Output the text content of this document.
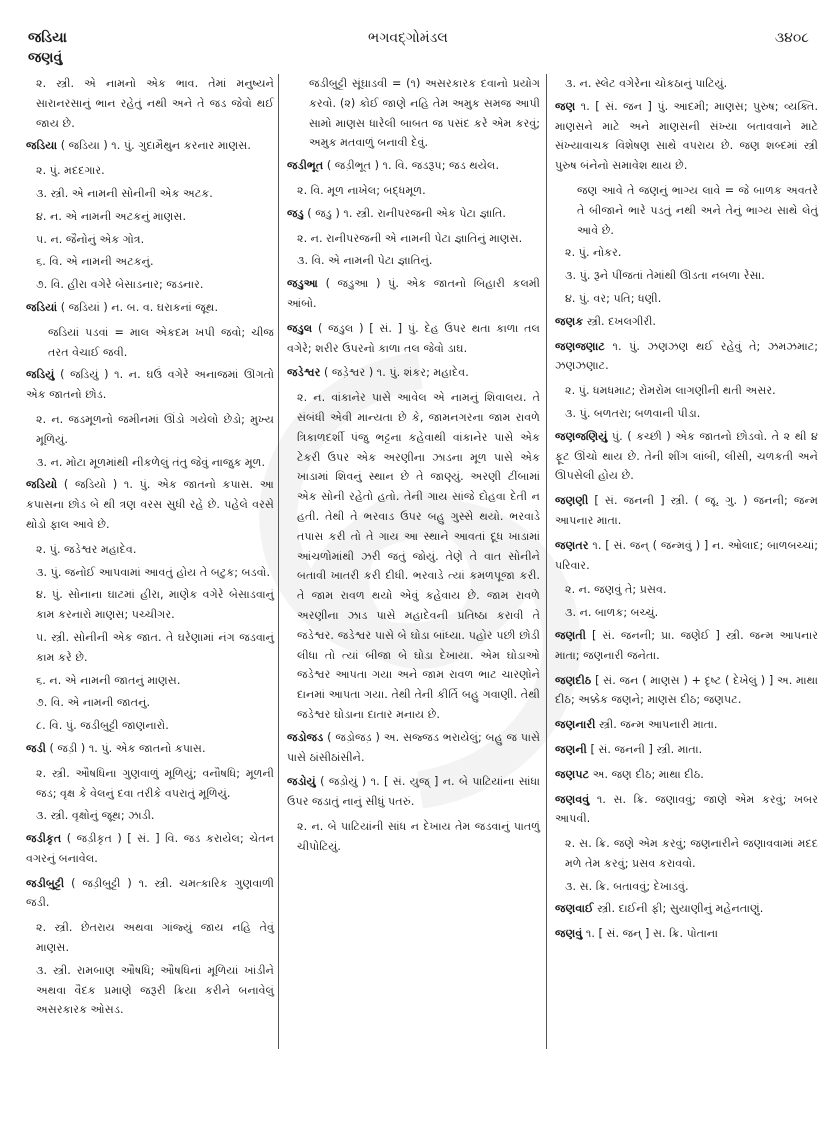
જડિયા
જણવું
ભગવદ્ગોમંડલ	૩૪૦૮
૨. સ્ત્રી. એ નામનો એક ભાવ. તેમાં મનુષ્યને સારાનરસાનું ભાન રહેતું નથી અને તે જડ જેવો થઈ જાય છે.
જડિયા ( જડિ઼યા ) ૧. પું. ગુદામૈથુન કરનાર માણસ.
૨. પું. મદદગાર.
૩. સ્ત્રી. એ નામની સોનીની એક અટક.
૪. ન. એ નામની અટકનું માણસ.
૫. ન. જૈનોનું એક ગોત્ર.
૬. વિ. એ નામની અટકનું.
૭. વિ. હીરા વગેરે બેસાડનાર; જડનાર.
જડિયાં ( જડિ઼યાં ) ન. બ. વ. ઘરાકનાં જૂથ.
જડિયાં પડવાં = માલ એકદમ ખપી જવો; ચીજ તરત વેચાઈ જવી.
જડિયું ( જડિ઼યું ) ૧. ન. ઘઉં વગેરે અનાજમાં ઊગતો એક જાતનો છોડ.
૨. ન. જડમૂળનો જમીનમાં ઊંડો ગયેલો છેડો; મુખ્ય મૂળિયું.
૩. ન. મોટા મૂળમાંથી નીકળેલું તંતુ જેવું નાજુક મૂળ.
જડિયો ( જડિ઼યો ) ૧. પું. એક જાતનો કપાસ. આ કપાસના છોડ બે થી ત્રણ વરસ સુધી રહે છે. પહેલે વરસે થોડો ફાલ આવે છે.
૨. પું. જડેશ્વર મહાદેવ.
૩. પું. જનોઈ આપવામાં આવતું હોય તે બટુક; બડવો.
૪. પું. સોનાના ઘાટમાં હીરા, માણેક વગેરે બેસાડવાનું કામ કરનારો માણસ; પચ્ચીગર.
૫. સ્ત્રી. સોનીની એક જાત. તે ઘરેણામાં નંગ જડવાનું કામ કરે છે.
૬. ન. એ નામની જાતનું માણસ.
૭. વિ. એ નામની જાતનું.
૮. વિ. પું. જડીબુટ્ટી જાણનારો.
જડી ( જડ઼ી ) ૧. પું. એક જાતનો કપાસ.
૨. સ્ત્રી. ઔષધિના ગુણવાળું મૂળિયું; વનૌષધિ; મૂળની જડ; વૃક્ષ કે વેલનું દવા તરીકે વપરાતું મૂળિયું.
૩. સ્ત્રી. વૃક્ષોનું જૂથ; ઝાડી.
જડીકૃત ( જડ઼ીકૃત ) [ સં. ] વિ. જડ કરાયેલ; ચેતન વગરનું બનાવેલ.
જડીબુટ્ટી ( જડ઼ીબુટ્ટી ) ૧. સ્ત્રી. ચમત્કારિક ગુણવાળી જડી.
૨. સ્ત્રી. છેતરાય અથવા ગાંજ્યું જાય નહિ તેવું માણસ.
૩. સ્ત્રી. રામબાણ ઔષધિ; ઔષધિનાં મૂળિયાં ખાંડીને અથવા વૈદક પ્રમાણે જરૂરી ક્રિયા કરીને બનાવેલું અસરકારક ઓસડ.
જડીબુટ્ટી સૂંઘાડવી = (૧) અસરકારક દવાનો પ્રયોગ કરવો. (૨) કોઈ જાણે નહિ તેમ અમુક સમજ આપી સામો માણસ ધારેલી બાબત જ પસંદ કરે એમ કરવું; અમુક મતવાળું બનાવી દેવું.
જડીભૂત ( જડ઼ીભૂત ) ૧. વિ. જડરૂપ; જડ થયેલ.
૨. વિ. મૂળ નાખેલ; બદ્ધમૂળ.
જડુ ( જડ઼ુ ) ૧. સ્ત્રી. રાનીપરજની એક પેટા જ્ઞાતિ.
૨. ન. રાનીપરજની એ નામની પેટા જ્ઞાતિનું માણસ.
૩. વિ. એ નામની પેટા જ્ઞાતિનું.
જડુઆ ( જડ઼ુઆ ) પું. એક જાતનો બિહારી કલમી આંબો.
જડુલ ( જડ઼ુલ ) [ સં. ] પું. દેહ ઉપર થતા કાળા તલ વગેરે; શરીર ઉપરનો કાળા તલ જેવો ડાઘ.
જડેશ્વર ( જડ઼ેશ્વર ) ૧. પું. શંકર; મહાદેવ.
૨. ન. વાંકાનેર પાસે આવેલ એ નામનું શિવાલય. તે સંબંધી એવી માન્યતા છે કે, જામનગરના જામ રાવળે ત્રિકાળદર્શી પંજુ ભટ્ટના કહેવાથી વાંકાનેર પાસે એક ટેકરી ઉપર એક અરણીના ઝાડના મૂળ પાસે એક ખાડામાં શિવનું સ્થાન છે તે જાણ્યું. અરણી ટીંબામાં એક સોની રહેતો હતો. તેની ગાય સાંજે દોહવા દેતી ન હતી. તેથી તે ભરવાડ ઉપર બહુ ગુસ્સે થયો. ભરવાડે તપાસ કરી તો તે ગાય આ સ્થાને આવતાં દૂધ ખાડામાં આંચળોમાંથી ઝરી જતું જોયું. તેણે તે વાત સોનીને બતાવી ખાતરી કરી દીધી. ભરવાડે ત્યાં કમળપૂજા કરી. તે જામ રાવળ થયો એવું કહેવાય છે. જામ રાવળે અરણીના ઝાડ પાસે મહાદેવની પ્રતિષ્ઠા કરાવી તે જડેશ્વર. જડેશ્વર પાસે બે ઘોડા બાંધ્યા. પહોર પછી છોડી લીધા તો ત્યાં બીજા બે ઘોડા દેખાયા. એમ ઘોડાઓ જડેશ્વર આપતા ગયા અને જામ રાવળ ભાટ ચારણોને દાનમાં આપતા ગયા. તેથી તેની કીર્તિ બહુ ગવાણી. તેથી જડેશ્વર ઘોડાના દાતાર મનાય છે.
જડોજડ ( જડ઼ોજડ઼ ) અ. સજ્જડ ભરાયેલું; બહુ જ પાસે પાસે ઠાંસીઠાંસીને.
જડોયું ( જડ઼ોયું ) ૧. [ સં. યુજ્ ] ન. બે પાટિયાંના સાંધા ઉપર જડાતું નાનું સીધું પતરું.
૨. ન. બે પાટિયાંની સાંધ ન દેખાય તેમ જડવાનું પાતળું ચીપોટિયું.
૩. ન. સ્લેટ વગેરેના ચોકઠાનું પાટિયું.
જણ ૧. [ સં. જન ] પું. આદમી; માણસ; પુરુષ; વ્યક્તિ. માણસને માટે અને માણસની સંખ્યા બતાવવાને માટે સંખ્યાવાચક વિશેષણ સાથે વપરાય છે. જણ શબ્દમાં સ્ત્રી પુરુષ બંનેનો સમાવેશ થાય છે.
જણ આવે તે જણનું ભાગ્ય લાવે = જે બાળક અવતરે તે બીજાને ભારે પડતું નથી અને તેનું ભાગ્ય સાથે લેતું આવે છે.
૨. પું. નોકર.
૩. પું. રૂને પીંજતાં તેમાંથી ઊડતા નબળા રેસા.
૪. પું. વર; પતિ; ધણી.
જણક સ્ત્રી. દખલગીરી.
જણજણાટ ૧. પું. ઝણઝણ થઈ રહેવું તે; ઝમઝમાટ; ઝણઝણાટ.
૨. પું. ધમધમાટ; રોમરોમ લાગણીની થતી અસર.
૩. પું. બળતરા; બળવાની પીડા.
જણજણિયું પું. ( કચ્છી ) એક જાતનો છોડવો. તે ૨ થી ૪ ફૂટ ઊંચો થાય છે. તેની શીંગ લાંબી, લીસી, ચળકતી અને ઊપસેલી હોય છે.
જણણી [ સં. જનની ] સ્ત્રી. ( જૂ. ગુ. ) જનની; જન્મ આપનાર માતા.
જણતર ૧. [ સં. જન્ ( જન્મવું ) ] ન. ઓલાદ; બાળબચ્ચાં; પરિવાર.
૨. ન. જણવું તે; પ્રસવ.
૩. ન. બાળક; બચ્ચું.
જણતી [ સં. જનની; પ્રા. જણેઈ ] સ્ત્રી. જન્મ આપનાર માતા; જણનારી જનેતા.
જણદીઠ [ સં. જન ( માણસ ) + દૃષ્ટ ( દેખેલું ) ] અ. માથા દીઠ; અક્કેક જણને; માણસ દીઠ; જણપટ.
જણનારી સ્ત્રી. જન્મ આપનારી માતા.
જણની [ સં. જનની ] સ્ત્રી. માતા.
જણપટ અ. જણ દીઠ; માથા દીઠ.
જણવવું ૧. સ. ક્રિ. જણાવવું; જાણે એમ કરવું; ખબર આપવી.
૨. સ. ક્રિ. જણે એમ કરવું; જણનારીને જણાવવામાં મદદ મળે તેમ કરવું; પ્રસવ કરાવવો.
૩. સ. ક્રિ. બતાવવું; દેખાડવું.
જણવાઈ સ્ત્રી. દાઈની ફી; સુયાણીનું મહેનતાણું.
જણવું ૧. [ સં. જન્ ] સ. ક્રિ. પોતાના
